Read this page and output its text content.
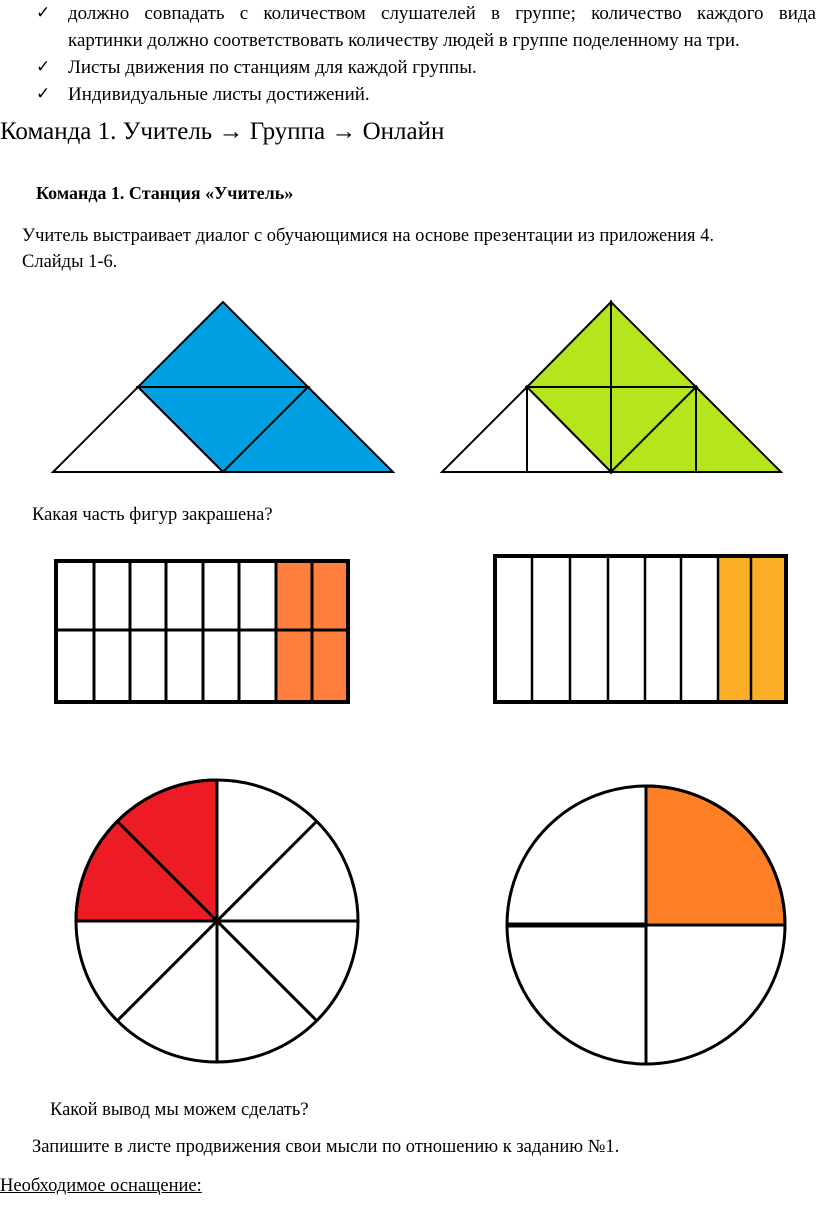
✓ должно совпадать с количеством слушателей в группе; количество каждого вида
картинки должно соответствовать количеству людей в группе поделенному на три.
✓ Листы движения по станциям для каждой группы.
✓ Индивидуальные листы достижений.
Команда 1. Учитель → Группа → Онлайн
Команда 1. Станция «Учитель»
Учитель выстраивает диалог с обучающимися на основе презентации из приложения 4.
Слайды 1-6.
Какая часть фигур закрашена?
Какой вывод мы можем сделать?
Запишите в листе продвижения свои мысли по отношению к заданию №1.
Необходимое оснащение:
